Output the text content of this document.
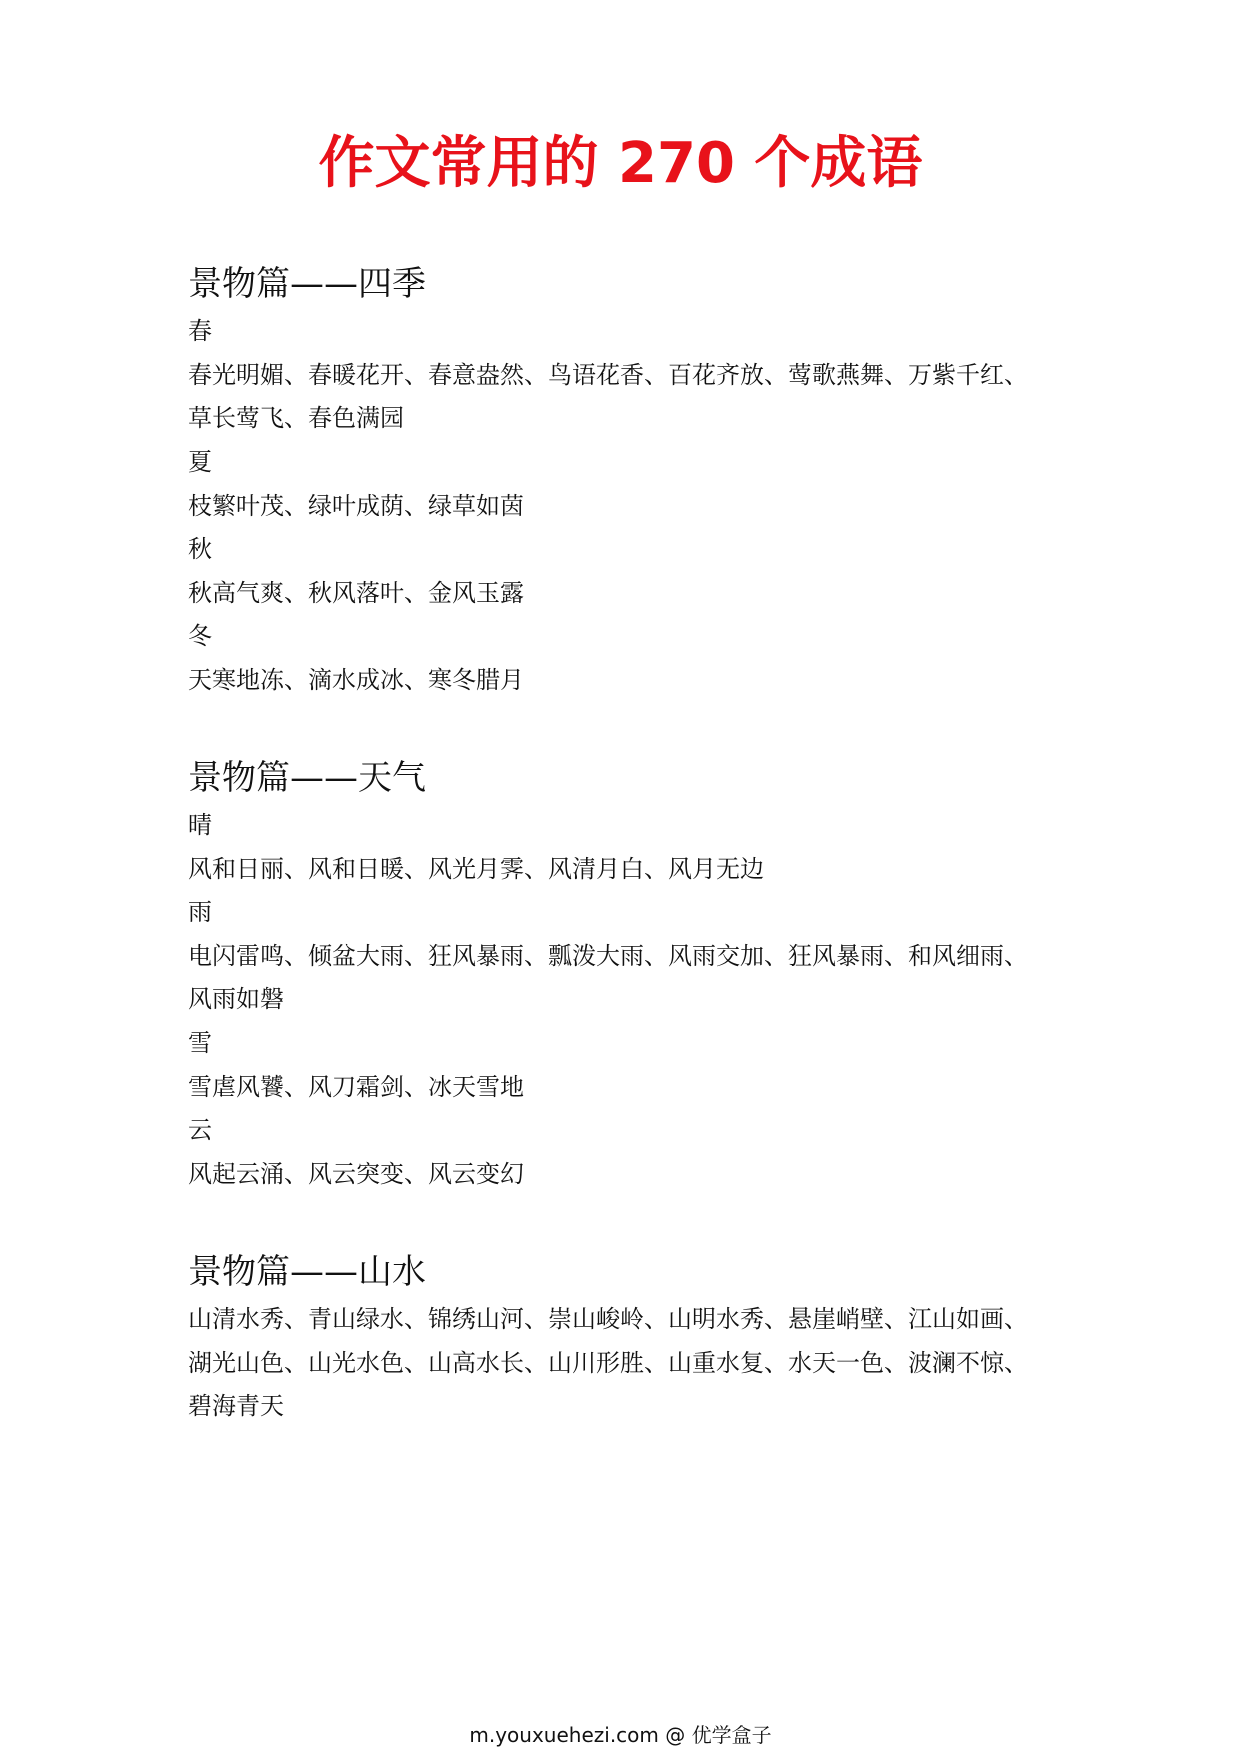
作文常用的 270 个成语
景物篇——四季
春
春光明媚、春暖花开、春意盎然、鸟语花香、百花齐放、莺歌燕舞、万紫千红、
草长莺飞、春色满园
夏
枝繁叶茂、绿叶成荫、绿草如茵
秋
秋高气爽、秋风落叶、金风玉露
冬
天寒地冻、滴水成冰、寒冬腊月
景物篇——天气
晴
风和日丽、风和日暖、风光月霁、风清月白、风月无边
雨
电闪雷鸣、倾盆大雨、狂风暴雨、瓢泼大雨、风雨交加、狂风暴雨、和风细雨、
风雨如磐
雪
雪虐风饕、风刀霜剑、冰天雪地
云
风起云涌、风云突变、风云变幻
景物篇——山水
山清水秀、青山绿水、锦绣山河、崇山峻岭、山明水秀、悬崖峭壁、江山如画、
湖光山色、山光水色、山高水长、山川形胜、山重水复、水天一色、波澜不惊、
碧海青天
m.youxuehezi.com @ 优学盒子
